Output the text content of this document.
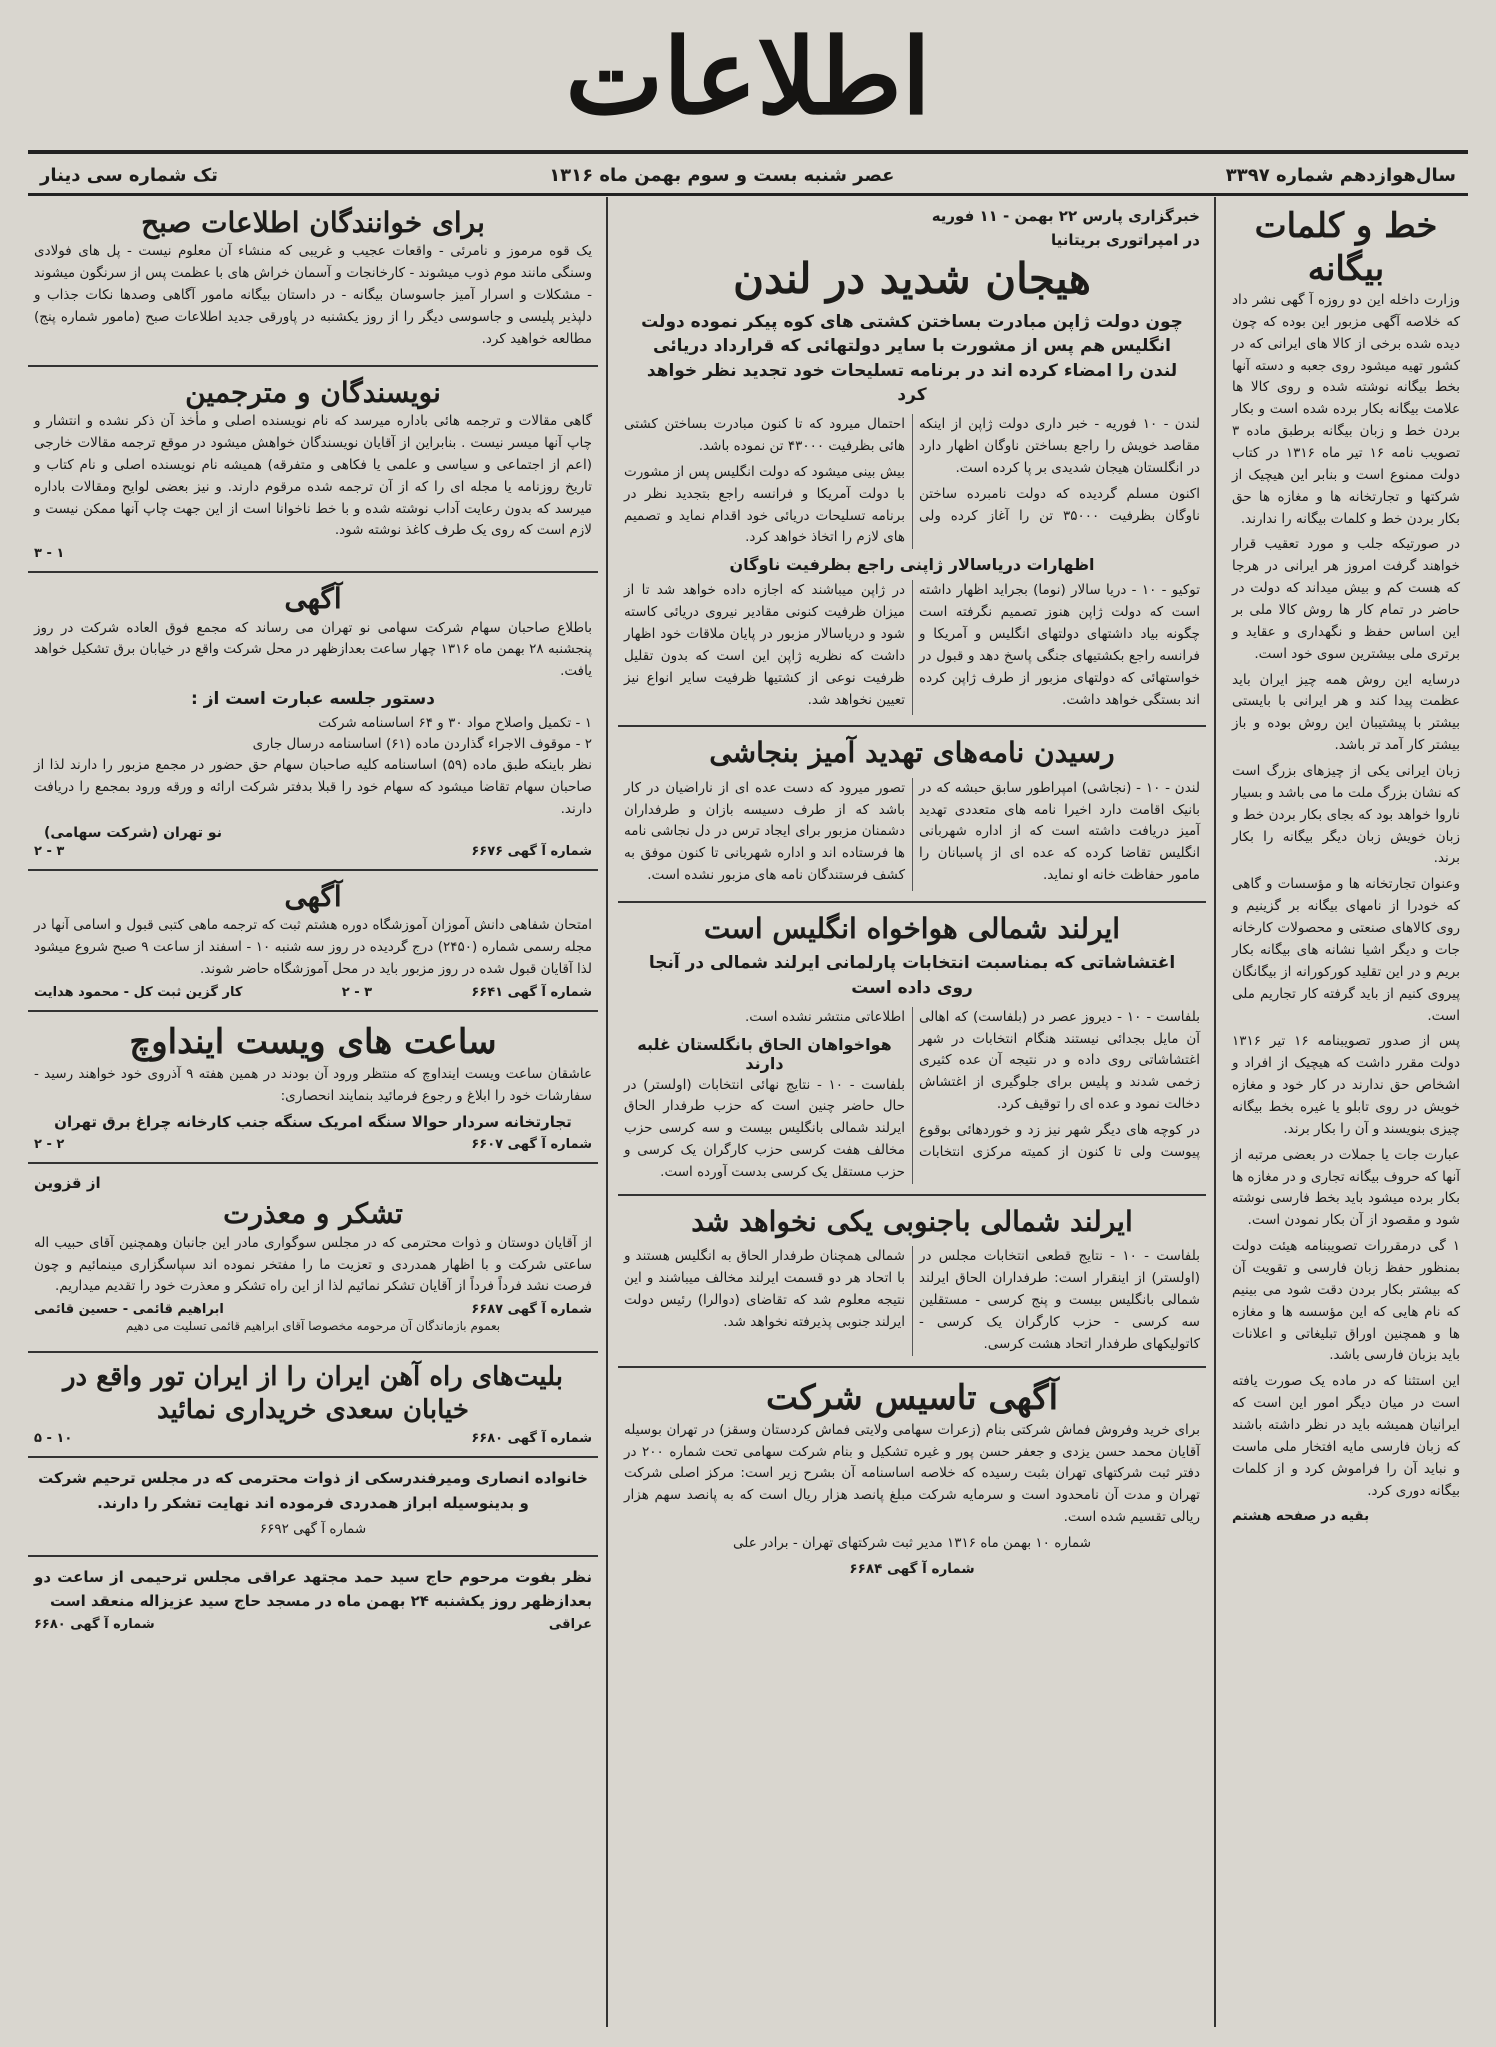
اطلاعات
سال‌هوازدهم شماره ۳۳۹۷
عصر شنبه بست و سوم بهمن ماه ۱۳۱۶
تک شماره سی دینار
خط و کلمات بیگانه

وزارت داخله این دو روزه آ گهی نشر داد که خلاصه آگهی مزبور این بوده که چون دیده شده برخی از کالا های ایرانی که در کشور تهیه میشود روی جعبه و دسته آنها بخط بیگانه نوشته شده و روی کالا ها علامت بیگانه بکار برده شده است و بکار بردن خط و زبان بیگانه برطبق ماده ۳ تصویب نامه ۱۶ تیر ماه ۱۳۱۶ در کتاب دولت ممنوع است و بنابر این هیچیک از شرکتها و تجارتخانه ها و مغازه ها حق بکار بردن خط و کلمات بیگانه را ندارند.

در صورتیکه جلب و مورد تعقیب قرار خواهند گرفت امروز هر ایرانی در هرجا که هست کم و بیش میداند که دولت در حاضر در تمام کار ها روش کالا ملی بر این اساس حفظ و نگهداری و عقاید و برتری ملی بیشترین سوی خود است.

درسایه این روش همه چیز ایران باید عظمت پیدا کند و هر ایرانی با بایستی بیشتر با پیشتیبان این روش بوده و باز بیشتر کار آمد تر باشد.

زبان ایرانی یکی از چیزهای بزرگ است که نشان بزرگ ملت ما می باشد و بسیار ناروا خواهد بود که بجای بکار بردن خط و زبان خویش زبان دیگر بیگانه را بکار برند.

وعنوان تجارتخانه ها و مؤسسات و گاهی که خودرا از نامهای بیگانه بر گزینیم و روی کالاهای صنعتی و محصولات کارخانه جات و دیگر اشیا نشانه های بیگانه بکار بریم و در این تقلید کورکورانه از بیگانگان پیروی کنیم از باید گرفته کار تجاریم ملی است.

پس از صدور تصویبنامه ۱۶ تیر ۱۳۱۶ دولت مقرر داشت که هیچیک از افراد و اشخاص حق ندارند در کار خود و مغازه خویش در روی تابلو یا غیره بخط بیگانه چیزی بنویسند و آن را بکار برند.

عبارت جات یا جملات در بعضی مرتبه از آنها که حروف بیگانه تجاری و در مغازه ها بکار برده میشود باید بخط فارسی نوشته شود و مقصود از آن بکار نمودن است.

۱ گی درمقررات تصویبنامه هیئت دولت بمنظور حفظ زبان فارسی و تقویت آن که بیشتر بکار بردن دقت شود می بینیم که نام هایی که این مؤسسه ها و مغازه ها و همچنین اوراق تبلیغاتی و اعلانات باید بزبان فارسی باشد.

این استثنا که در ماده یک صورت یافته است در میان دیگر امور این است که ایرانیان همیشه باید در نظر داشته باشند که زبان فارسی مایه افتخار ملی ماست و نباید آن را فراموش کرد و از کلمات بیگانه دوری کرد.

بقیه در صفحه هشتم

خبرگزاری پارس ۲۲ بهمن - ۱۱ فوریه
در امپراتوری بریتانیا
هیجان شدید در لندن
چون دولت ژاپن مبادرت بساختن کشتی های کوه پیکر نموده دولت انگلیس هم پس از مشورت با سایر دولتهائی که قرارداد دریائی لندن را امضاء کرده اند در برنامه تسلیحات خود تجدید نظر خواهد کرد

لندن - ۱۰ فوریه - خبر داری دولت ژاپن از اینکه مقاصد خویش را راجع بساختن ناوگان اظهار دارد در انگلستان هیجان شدیدی بر پا کرده است.

اکنون مسلم گردیده که دولت نامبرده ساختن ناوگان بظرفیت ۳۵۰۰۰ تن را آغاز کرده ولی احتمال میرود که تا کنون مبادرت بساختن کشتی هائی بظرفیت ۴۳۰۰۰ تن نموده باشد.

بیش بینی میشود که دولت انگلیس پس از مشورت با دولت آمریکا و فرانسه راجع بتجدید نظر در برنامه تسلیحات دریائی خود اقدام نماید و تصمیم های لازم را اتخاذ خواهد کرد.

اظهارات دریاسالار ژاپنی راجع بظرفیت ناوگان

توکیو - ۱۰ - دریا سالار (نوما) بجراید اظهار داشته است که دولت ژاپن هنوز تصمیم نگرفته است چگونه بیاد داشتهای دولتهای انگلیس و آمریکا و فرانسه راجع بکشتیهای جنگی پاسخ دهد و قبول در خواستهائی که دولتهای مزبور از طرف ژاپن کرده اند بستگی خواهد داشت.

در ژاپن میباشند که اجازه داده خواهد شد تا از میزان ظرفیت کنونی مقادیر نیروی دریائی کاسته شود و دریاسالار مزبور در پایان ملاقات خود اظهار داشت که نظریه ژاپن این است که بدون تقلیل ظرفیت نوعی از کشتیها ظرفیت سایر انواع نیز تعیین نخواهد شد.

رسیدن نامه‌های تهدید آمیز بنجاشی

لندن - ۱۰ - (نجاشی) امپراطور سابق حبشه که در بانیک اقامت دارد اخیرا نامه های متعددی تهدید آمیز دریافت داشته است که از اداره شهربانی انگلیس تقاضا کرده که عده ای از پاسبانان را مامور حفاظت خانه او نماید.

تصور میرود که دست عده ای از ناراضیان در کار باشد که از طرف دسیسه بازان و طرفداران دشمنان مزبور برای ایجاد ترس در دل نجاشی نامه ها فرستاده اند و اداره شهربانی تا کنون موفق به کشف فرستندگان نامه های مزبور نشده است.

ایرلند شمالی هواخواه انگلیس است
اغتشاشاتی که بمناسبت انتخابات پارلمانی ایرلند شمالی در آنجا روی داده است

بلفاست - ۱۰ - دیروز عصر در (بلفاست) که اهالی آن مایل بجدائی نیستند هنگام انتخابات در شهر اغتشاشاتی روی داده و در نتیجه آن عده کثیری زخمی شدند و پلیس برای جلوگیری از اغتشاش دخالت نمود و عده ای را توقیف کرد.

در کوچه های دیگر شهر نیز زد و خوردهائی بوقوع پیوست ولی تا کنون از کمیته مرکزی انتخابات اطلاعاتی منتشر نشده است.

هواخواهان الحاق بانگلستان غلبه دارند

بلفاست - ۱۰ - نتایج نهائی انتخابات (اولستر) در حال حاضر چنین است که حزب طرفدار الحاق ایرلند شمالی بانگلیس بیست و سه کرسی حزب مخالف هفت کرسی حزب کارگران یک کرسی و حزب مستقل یک کرسی بدست آورده است.

ایرلند شمالی باجنوبی یکی نخواهد شد

بلفاست - ۱۰ - نتایج قطعی انتخابات مجلس در (اولستر) از اینقرار است: طرفداران الحاق ایرلند شمالی بانگلیس بیست و پنج کرسی - مستقلین سه کرسی - حزب کارگران یک کرسی - کاتولیکهای طرفدار اتحاد هشت کرسی.

شمالی همچنان طرفدار الحاق به انگلیس هستند و با اتحاد هر دو قسمت ایرلند مخالف میباشند و این نتیجه معلوم شد که تقاضای (دوالرا) رئیس دولت ایرلند جنوبی پذیرفته نخواهد شد.

آگهی تاسیس شرکت

برای خرید وفروش فماش شرکتی بنام (زعرات سهامی ولایتی فماش کردستان وسقز) در تهران بوسیله آقایان محمد حسن یزدی و جعفر حسن پور و غیره تشکیل و بنام شرکت سهامی تحت شماره ۲۰۰ در دفتر ثبت شرکتهای تهران بثبت رسیده که خلاصه اساسنامه آن بشرح زیر است: مرکز اصلی شرکت تهران و مدت آن نامحدود است و سرمایه شرکت مبلغ پانصد هزار ریال است که به پانصد سهم هزار ریالی تقسیم شده است.

شماره ۱۰ بهمن ماه ۱۳۱۶ مدیر ثبت شرکتهای تهران - برادر علی

شماره آ گهی ۶۶۸۴

برای خوانندگان اطلاعات صبح

یک قوه مرموز و نامرئی - واقعات عجیب و غریبی که منشاء آن معلوم نیست - پل های فولادی وسنگی مانند موم ذوب میشوند - کارخانجات و آسمان خراش های با عظمت پس از سرنگون میشوند - مشکلات و اسرار آمیز جاسوسان بیگانه - در داستان بیگانه مامور آگاهی وصدها نکات جذاب و دلپذیر پلیسی و جاسوسی دیگر را از روز یکشنبه در پاورقی جدید اطلاعات صبح (مامور شماره پنج) مطالعه خواهید کرد.

نویسندگان و مترجمین

گاهی مقالات و ترجمه هائی باداره میرسد که نام نویسنده اصلی و مأخذ آن ذکر نشده و انتشار و چاپ آنها میسر نیست . بنابراین از آقایان نویسندگان خواهش میشود در موقع ترجمه مقالات خارجی (اعم از اجتماعی و سیاسی و علمی یا فکاهی و متفرقه) همیشه نام نویسنده اصلی و نام کتاب و تاریخ روزنامه یا مجله ای را که از آن ترجمه شده مرقوم دارند. و نیز بعضی لوایح ومقالات باداره میرسد که بدون رعایت آداب نوشته شده و با خط ناخوانا است از این جهت چاپ آنها ممکن نیست و لازم است که روی یک طرف کاغذ نوشته شود.

۱ - ۳
آگهی

باطلاع صاحبان سهام شرکت سهامی نو تهران می رساند که مجمع فوق العاده شرکت در روز پنجشنبه ۲۸ بهمن ماه ۱۳۱۶ چهار ساعت بعدازظهر در محل شرکت واقع در خیابان برق تشکیل خواهد یافت.

دستور جلسه عبارت است از :
۱ - تکمیل واصلاح مواد ۳۰ و ۶۴ اساسنامه شرکت
۲ - موقوف الاجراء گذاردن ماده (۶۱) اساسنامه درسال جاری

نظر باینکه طبق ماده (۵۹) اساسنامه کلیه صاحبان سهام حق حضور در مجمع مزبور را دارند لذا از صاحبان سهام تقاضا میشود که سهام خود را قبلا بدفتر شرکت ارائه و ورقه ورود بمجمع را دریافت دارند.

نو تهران (شرکت سهامی)
شماره آ گهی ۶۶۷۶
۳ - ۲
آگهی

امتحان شفاهی دانش آموزان آموزشگاه دوره هشتم ثبت که ترجمه ماهی کتبی قبول و اسامی آنها در مجله رسمی شماره (۲۴۵۰) درج گردیده در روز سه شنبه ۱۰ - اسفند از ساعت ۹ صبح شروع میشود لذا آقایان قبول شده در روز مزبور باید در محل آموزشگاه حاضر شوند.

شماره آ گهی ۶۶۴۱
۳ - ۲
کار گزین ثبت کل - محمود هدایت
ساعت های ویست اینداوچ

عاشقان ساعت ویست اینداوچ که منتظر ورود آن بودند در همین هفته ۹ آذروی خود خواهند رسید - سفارشات خود را ابلاغ و رجوع فرمائید بنمایند انحصاری:

تجارتخانه سردار حوالا سنگه امریک سنگه جنب کارخانه چراغ برق تهران
شماره آ گهی ۶۶۰۷
۲ - ۲
از قزوین
تشکر و معذرت

از آقایان دوستان و ذوات محترمی که در مجلس سوگواری مادر این جانبان وهمچنین آقای حبیب اله ساعتی شرکت و با اظهار همدردی و تعزیت ما را مفتخر نموده اند سپاسگزاری مینمائیم و چون فرصت نشد فرداً فرداً از آقایان تشکر نمائیم لذا از این راه تشکر و معذرت خود را تقدیم میداریم.

شماره آ گهی ۶۶۸۷
ابراهیم قائمی - حسین قائمی

بعموم بازماندگان آن مرحومه مخصوصا آقای ابراهیم قائمی تسلیت می دهیم

بلیت‌های راه آهن ایران را از ایران تور واقع در خیابان سعدی خریداری نمائید
شماره آ گهی ۶۶۸۰
۱۰ - ۵

خانواده انصاری ومیرفندرسکی از ذوات محترمی که در مجلس ترحیم شرکت و بدینوسیله ابراز همدردی فرموده اند نهایت تشکر را دارند.

شماره آ گهی ۶۶۹۲

نظر بفوت مرحوم حاج سید حمد مجتهد عراقی مجلس ترحیمی از ساعت دو بعدازظهر روز یکشنبه ۲۴ بهمن ماه در مسجد حاج سید عزیزاله منعقد است

عراقی
شماره آ گهی ۶۶۸۰
